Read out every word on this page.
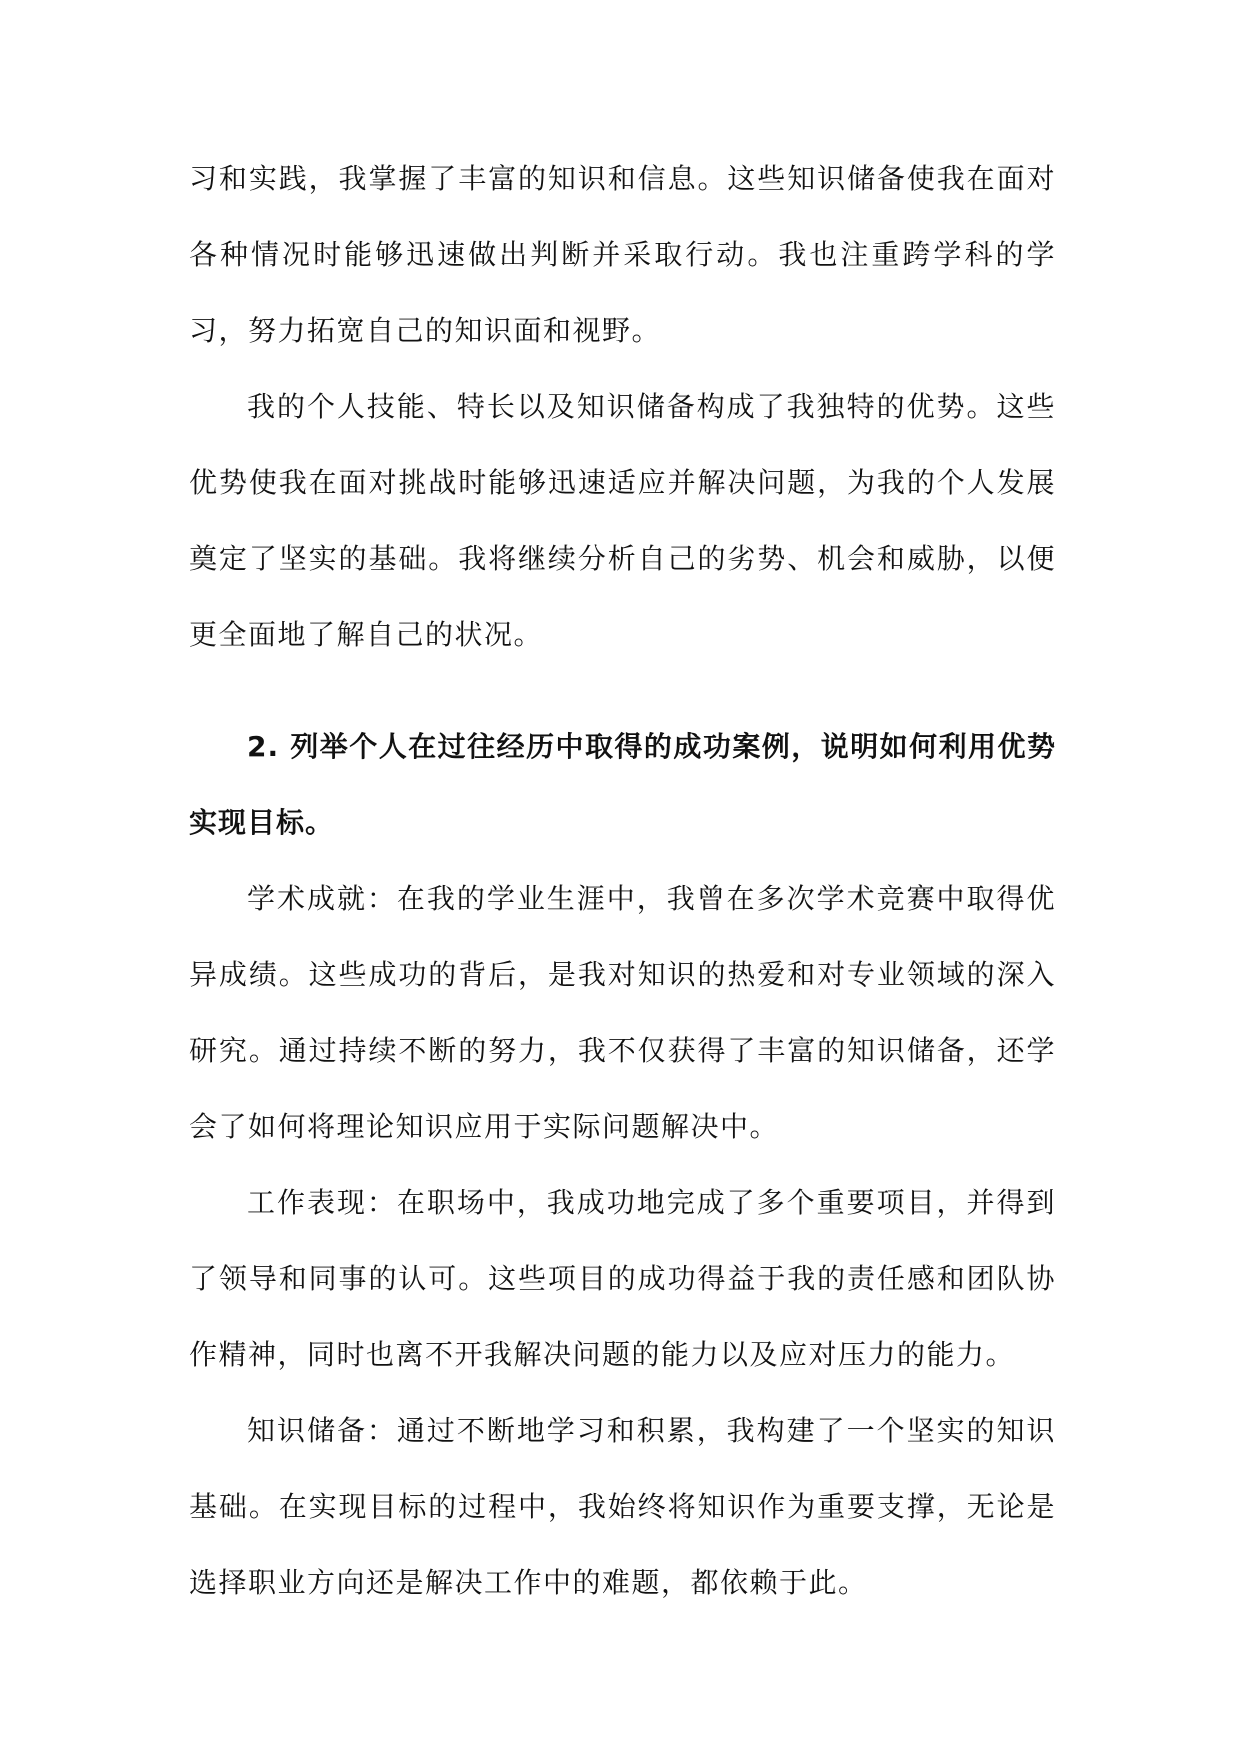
习和实践，我掌握了丰富的知识和信息。这些知识储备使我在面对各种情况时能够迅速做出判断并采取行动。我也注重跨学科的学习，努力拓宽自己的知识面和视野。

我的个人技能、特长以及知识储备构成了我独特的优势。这些优势使我在面对挑战时能够迅速适应并解决问题，为我的个人发展奠定了坚实的基础。我将继续分析自己的劣势、机会和威胁，以便更全面地了解自己的状况。

2. 列举个人在过往经历中取得的成功案例，说明如何利用优势实现目标。

学术成就：在我的学业生涯中，我曾在多次学术竞赛中取得优异成绩。这些成功的背后，是我对知识的热爱和对专业领域的深入研究。通过持续不断的努力，我不仅获得了丰富的知识储备，还学会了如何将理论知识应用于实际问题解决中。

工作表现：在职场中，我成功地完成了多个重要项目，并得到了领导和同事的认可。这些项目的成功得益于我的责任感和团队协作精神，同时也离不开我解决问题的能力以及应对压力的能力。

知识储备：通过不断地学习和积累，我构建了一个坚实的知识基础。在实现目标的过程中，我始终将知识作为重要支撑，无论是选择职业方向还是解决工作中的难题，都依赖于此。
